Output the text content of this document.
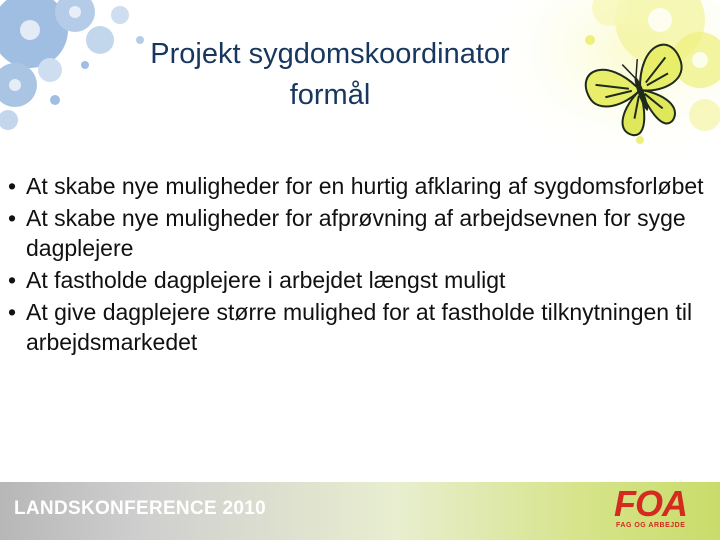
Projekt sygdomskoordinator
formål
• At skabe nye muligheder for en hurtig afklaring af sygdomsforløbet
• At skabe nye muligheder for afprøvning af arbejdsevnen for syge dagplejere
• At fastholde dagplejere i arbejdet længst muligt
• At give dagplejere større mulighed for at fastholde tilknytningen til arbejdsmarkedet
LANDSKONFERENCE 2010	FOA
FAG OG ARBEJDE
